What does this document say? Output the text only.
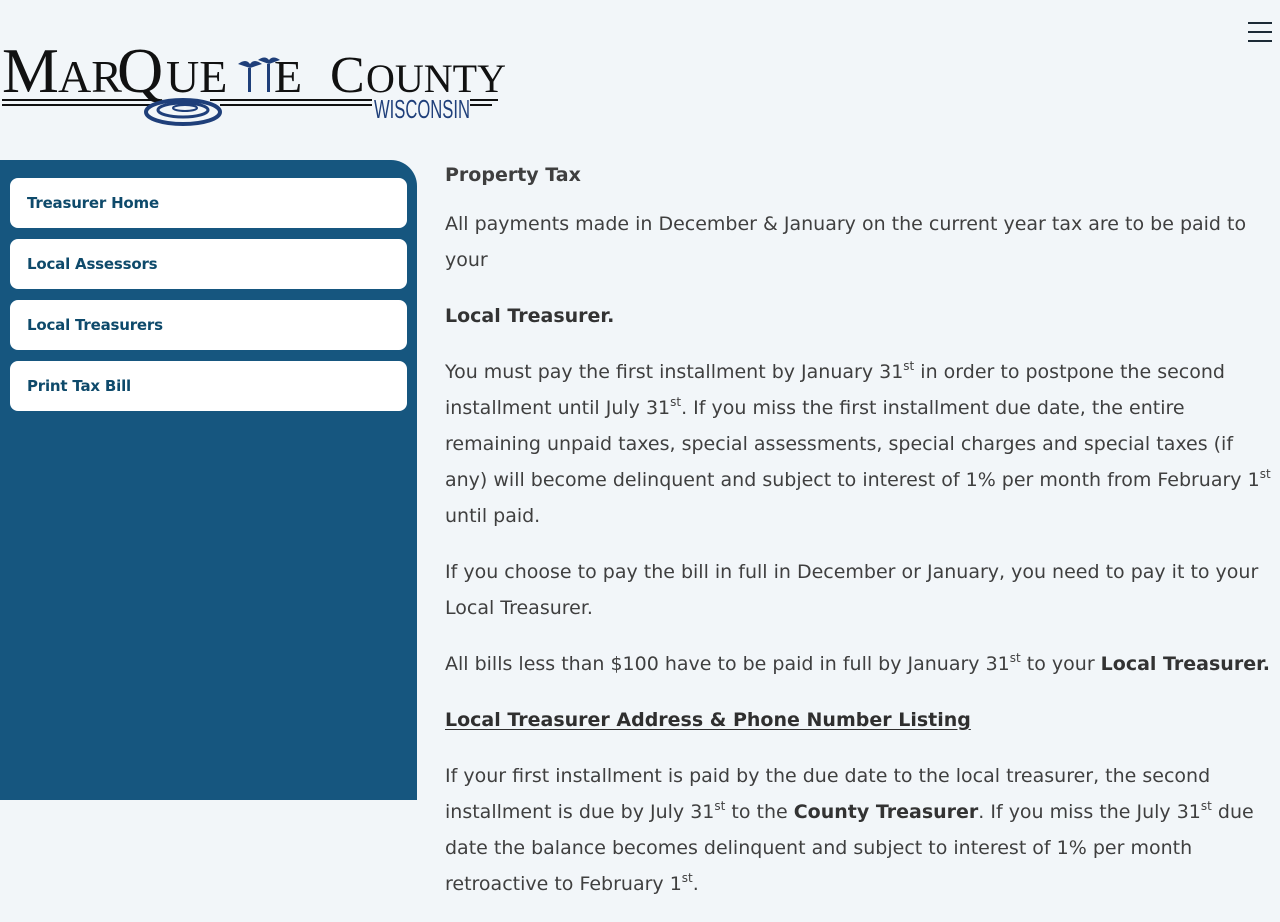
M AR
Q UE E C OUNTY
WISCONSIN
Treasurer Home
Local Assessors
Local Treasurers
Print Tax Bill

Property Tax

All payments made in December & January on the current year tax are to be paid to your

Local Treasurer.

You must pay the first installment by January 31st in order to postpone the second installment until July 31st. If you miss the first installment due date, the entire remaining unpaid taxes, special assessments, special charges and special taxes (if any) will become delinquent and subject to interest of 1% per month from February 1st until paid.

If you choose to pay the bill in full in December or January, you need to pay it to your Local Treasurer.

All bills less than $100 have to be paid in full by January 31st to your Local Treasurer.

Local Treasurer Address & Phone Number Listing

If your first installment is paid by the due date to the local treasurer, the second installment is due by July 31st to the County Treasurer. If you miss the July 31st due date the balance becomes delinquent and subject to interest of 1% per month retroactive to February 1st.
